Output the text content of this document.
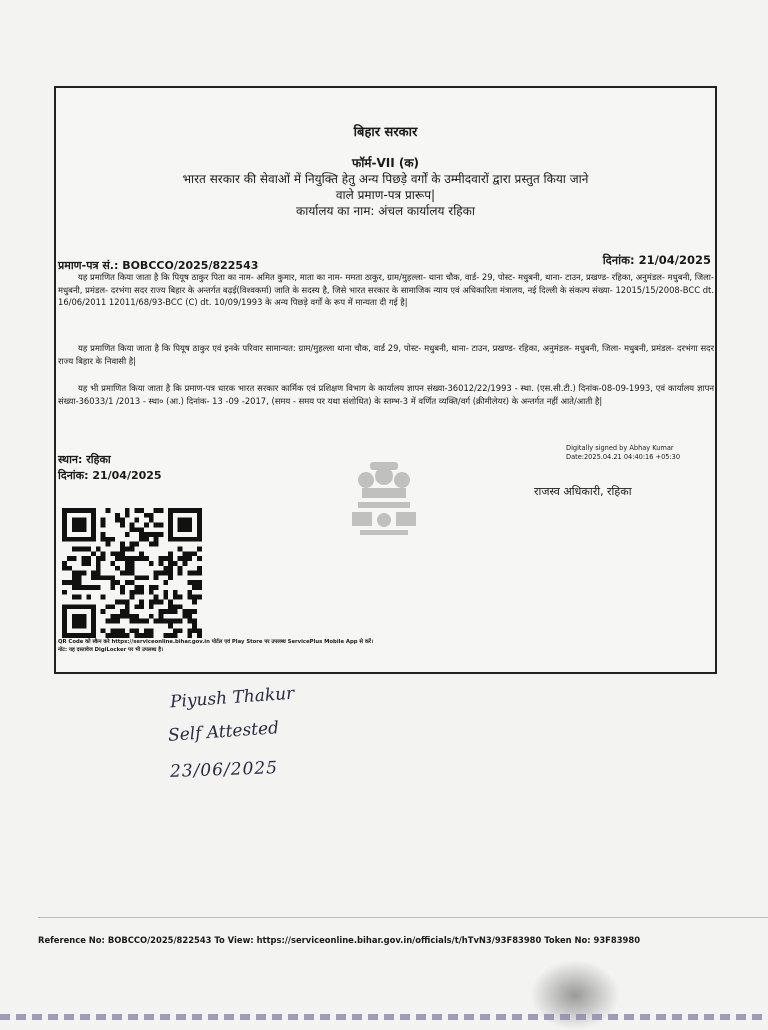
बिहार सरकार
फॉर्म-VII (क)
भारत सरकार की सेवाओं में नियुक्ति हेतु अन्य पिछड़े वर्गों के उम्मीदवारों द्वारा प्रस्तुत किया जाने
वाले प्रमाण-पत्र प्रारूप|
कार्यालय का नाम: अंचल कार्यालय रहिका
प्रमाण-पत्र सं.: BOBCCO/2025/822543	दिनांक: 21/04/2025
यह प्रमाणित किया जाता है कि पियूष ठाकुर पिता का नाम- अमित कुमार, माता का नाम- ममता ठाकुर, ग्राम/मुहल्ला- थाना चौक, वार्ड- 29, पोस्ट- मधुबनी, थाना- टाउन, प्रखण्ड- रहिका, अनुमंडल- मधुबनी, जिला- मधुबनी, प्रमंडल- दरभंगा सदर राज्य बिहार के अन्तर्गत बढ़ई(विश्वकर्मा) जाति के सदस्य है, जिसे भारत सरकार के सामाजिक न्याय एवं अधिकारिता मंत्रालय, नई दिल्ली के संकल्प संख्या- 12015/15/2008-BCC dt. 16/06/2011 12011/68/93-BCC (C) dt. 10/09/1993 के अन्य पिछड़े वर्गों के रूप में मान्यता दी गई है|
यह प्रमाणित किया जाता है कि पियूष ठाकुर एवं इनके परिवार सामान्यत: ग्राम/मुहल्ला थाना चौक, वार्ड 29, पोस्ट- मधुबनी, थाना- टाउन, प्रखण्ड- रहिका, अनुमंडल- मधुबनी, जिला- मधुबनी, प्रमंडल- दरभंगा सदर राज्य बिहार के निवासी है|
यह भी प्रमाणित किया जाता है कि प्रमाण-पत्र धारक भारत सरकार कार्मिक एवं प्रशिक्षण विभाग के कार्यालय ज्ञापन संख्या-36012/22/1993 - स्था. (एस.सी.टी.) दिनांक-08-09-1993, एवं कार्यालय ज्ञापन संख्या-36033/1 /2013 - स्था० (आ.) दिनांक- 13 -09 -2017, (समय - समय पर यथा संशोधित) के स्तम्भ-3 में वर्णित व्यक्ति/वर्ग (क्रीमीलेयर) के अन्तर्गत नहीं आते/आती है|
Digitally signed by Abhay Kumar
Date:2025.04.21 04:40:16 +05:30
स्थान: रहिका
दिनांक: 21/04/2025
राजस्व अधिकारी, रहिका
QR Code को स्कैन करे https://serviceonline.bihar.gov.in पोर्टल एवं Play Store पर उपलब्ध ServicePlus Mobile App से करें।
नोट: यह दस्तावेज DigiLocker पर भी उपलब्ध है।
Piyush Thakur
Self Attested
23/06/2025
Reference No: BOBCCO/2025/822543 To View: https://serviceonline.bihar.gov.in/officials/t/hTvN3/93F83980 Token No: 93F83980
